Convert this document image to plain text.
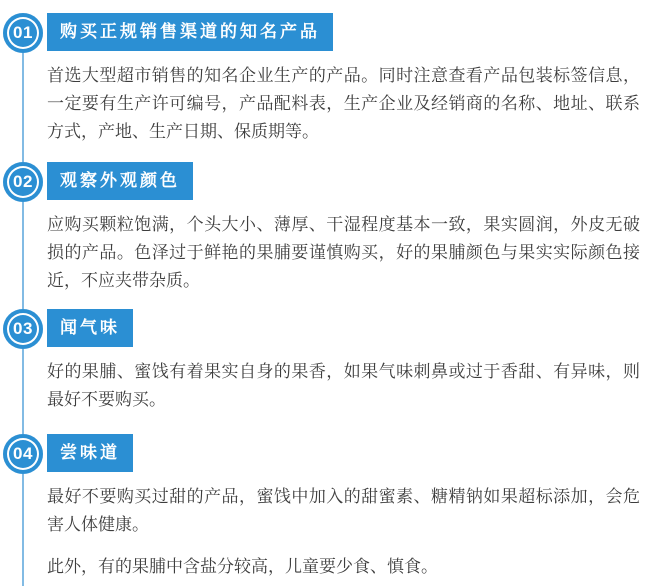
01	购买正规销售渠道的知名产品
首选大型超市销售的知名企业生产的产品。同时注意查看产品包装标签信息，一定要有生产许可编号，产品配料表，生产企业及经销商的名称、地址、联系方式，产地、生产日期、保质期等。
02	观察外观颜色
应购买颗粒饱满，个头大小、薄厚、干湿程度基本一致，果实圆润，外皮无破损的产品。色泽过于鲜艳的果脯要谨慎购买，好的果脯颜色与果实实际颜色接近，不应夹带杂质。
03	闻气味
好的果脯、蜜饯有着果实自身的果香，如果气味刺鼻或过于香甜、有异味，则最好不要购买。
04	尝味道
最好不要购买过甜的产品，蜜饯中加入的甜蜜素、糖精钠如果超标添加，会危害人体健康。
此外，有的果脯中含盐分较高，儿童要少食、慎食。
